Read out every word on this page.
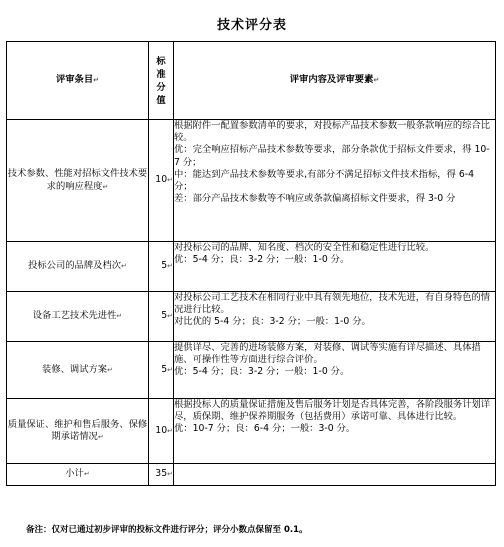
技术评分表
评审条目↵	标
准
分
值	评审内容及评审要素↵
技术参数、性能对招标文件技术要求的响应程度↵	10↵	根据附件一配置参数清单的要求，对投标产品技术参数一般条款响应的综合比较。
优：完全响应招标产品技术参数等要求，部分条款优于招标文件要求，得 10-7 分；
中：能达到产品技术参数等要求,有部分不满足招标文件技术指标，得 6-4 分；
差：部分产品技术参数等不响应或条款偏离招标文件要求，得 3-0 分

投标公司的品牌及档次↵	5↵	对投标公司的品牌、知名度、档次的安全性和稳定性进行比较。
优：5-4 分；良：3-2 分；一般：1-0 分。

设备工艺技术先进性↵	5↵	对投标公司工艺技术在相同行业中具有领先地位，技术先进，有自身特色的情况进行比较。
对比优的 5-4 分；良：3-2 分；一般：1-0 分。

装修、调试方案↵	5↵	提供详尽、完善的进场装修方案，对装修、调试等实施有详尽描述、具体措施、可操作性等方面进行综合评价。
优：5-4 分；良：3-2 分；一般：1-0 分。

质量保证、维护和售后服务、保修期承诺情况↵	10↵	根据投标人的质量保证措施及售后服务计划是否具体完善，各阶段服务计划详尽，质保期、维护保养期服务（包括费用）承诺可靠、具体进行比较。
优：10-7 分；良：6-4 分；一般：3-0 分。

小计↵	35↵	
备注：仅对已通过初步评审的投标文件进行评分；评分小数点保留至 0.1。
